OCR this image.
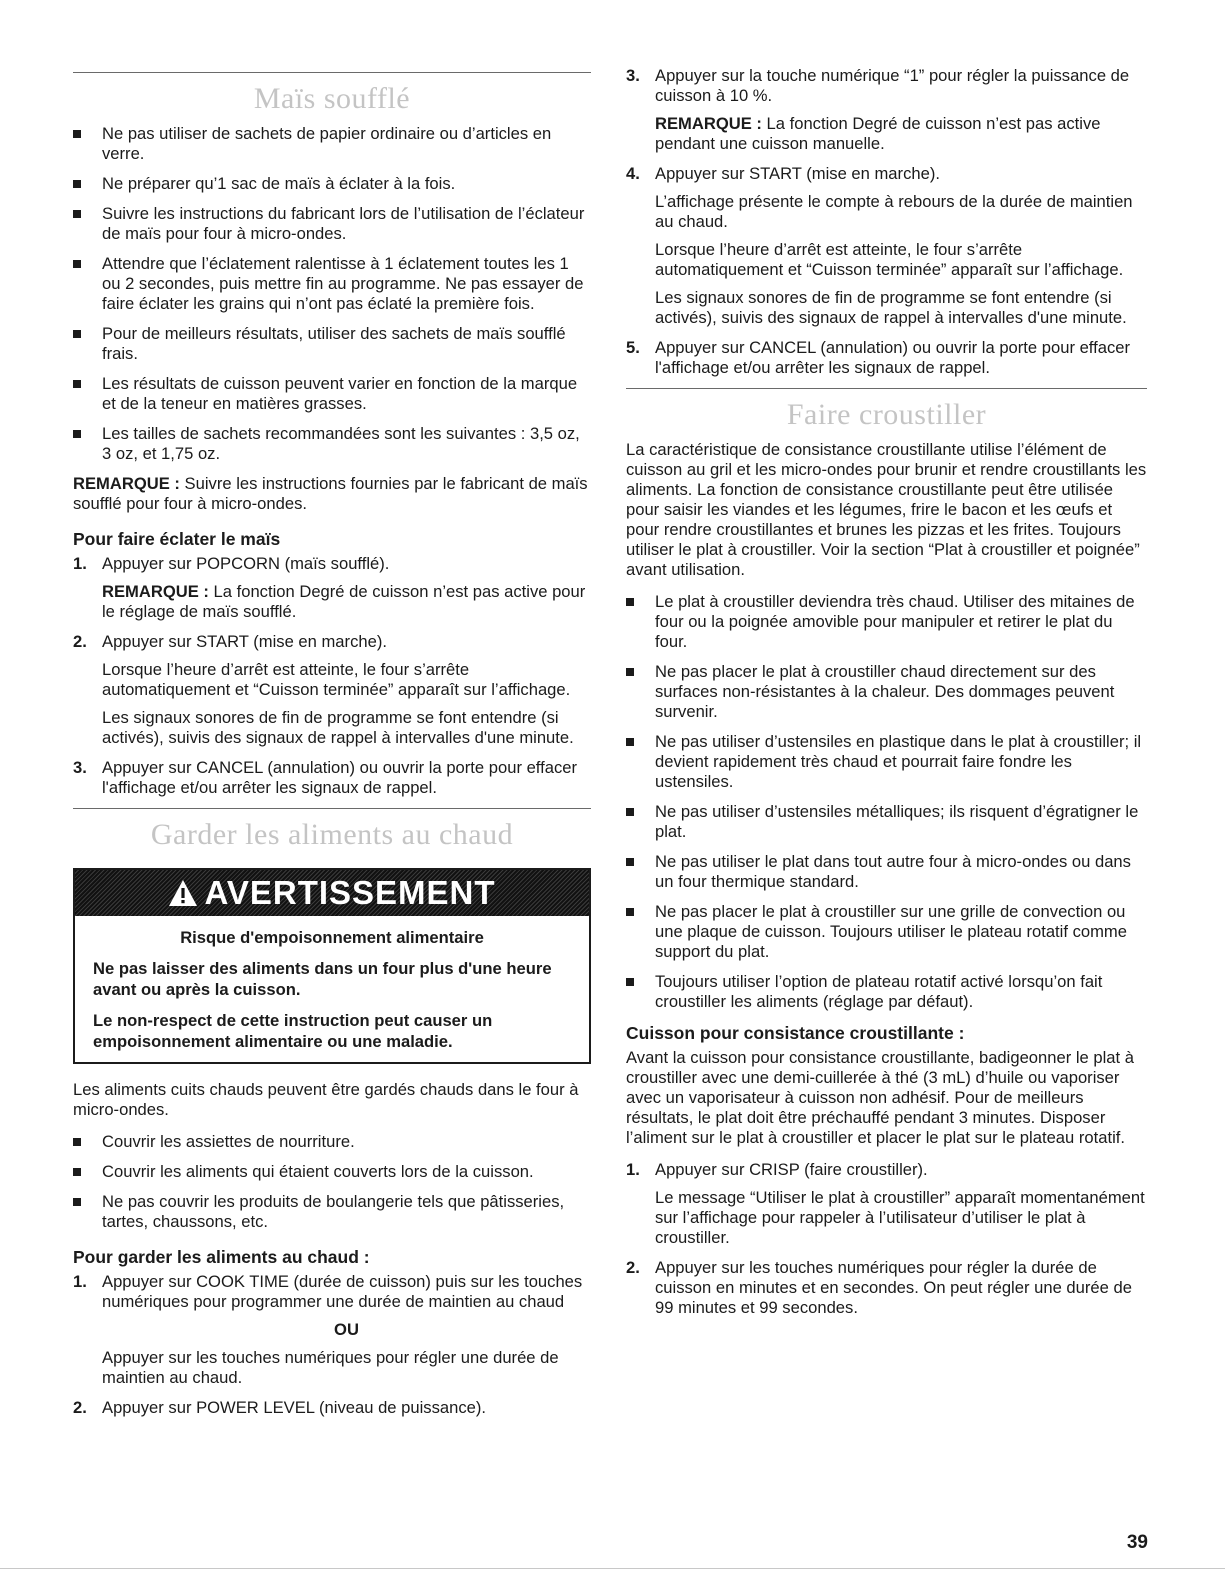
Maïs soufflé
Ne pas utiliser de sachets de papier ordinaire ou d’articles en verre.
Ne préparer qu’1 sac de maïs à éclater à la fois.
Suivre les instructions du fabricant lors de l’utilisation de l’éclateur de maïs pour four à micro-ondes.
Attendre que l’éclatement ralentisse à 1 éclatement toutes les 1 ou 2 secondes, puis mettre fin au programme. Ne pas essayer de faire éclater les grains qui n’ont pas éclaté la première fois.
Pour de meilleurs résultats, utiliser des sachets de maïs soufflé frais.
Les résultats de cuisson peuvent varier en fonction de la marque et de la teneur en matières grasses.
Les tailles de sachets recommandées sont les suivantes : 3,5 oz, 3 oz, et 1,75 oz.

REMARQUE : Suivre les instructions fournies par le fabricant de maïs soufflé pour four à micro-ondes.

Pour faire éclater le maïs
1. Appuyer sur POPCORN (maïs soufflé).

REMARQUE : La fonction Degré de cuisson n’est pas active pour le réglage de maïs soufflé.

2. Appuyer sur START (mise en marche).

Lorsque l’heure d’arrêt est atteinte, le four s’arrête automatiquement et “Cuisson terminée” apparaît sur l’affichage.

Les signaux sonores de fin de programme se font entendre (si activés), suivis des signaux de rappel à intervalles d'une minute.

3. Appuyer sur CANCEL (annulation) ou ouvrir la porte pour effacer l'affichage et/ou arrêter les signaux de rappel.

Garder les aliments au chaud
AVERTISSEMENT
Risque d'empoisonnement alimentaire
Ne pas laisser des aliments dans un four plus d'une heure avant ou après la cuisson.
Le non-respect de cette instruction peut causer un empoisonnement alimentaire ou une maladie.

Les aliments cuits chauds peuvent être gardés chauds dans le four à micro-ondes.

Couvrir les assiettes de nourriture.
Couvrir les aliments qui étaient couverts lors de la cuisson.
Ne pas couvrir les produits de boulangerie tels que pâtisseries, tartes, chaussons, etc.
Pour garder les aliments au chaud :
1. Appuyer sur COOK TIME (durée de cuisson) puis sur les touches numériques pour programmer une durée de maintien au chaud

OU

Appuyer sur les touches numériques pour régler une durée de maintien au chaud.

2. Appuyer sur POWER LEVEL (niveau de puissance).

3. Appuyer sur la touche numérique “1” pour régler la puissance de cuisson à 10 %.

REMARQUE : La fonction Degré de cuisson n’est pas active pendant une cuisson manuelle.

4. Appuyer sur START (mise en marche).

L’affichage présente le compte à rebours de la durée de maintien au chaud.

Lorsque l’heure d’arrêt est atteinte, le four s’arrête automatiquement et “Cuisson terminée” apparaît sur l’affichage.

Les signaux sonores de fin de programme se font entendre (si activés), suivis des signaux de rappel à intervalles d'une minute.

5. Appuyer sur CANCEL (annulation) ou ouvrir la porte pour effacer l'affichage et/ou arrêter les signaux de rappel.

Faire croustiller

La caractéristique de consistance croustillante utilise l’élément de cuisson au gril et les micro-ondes pour brunir et rendre croustillants les aliments. La fonction de consistance croustillante peut être utilisée pour saisir les viandes et les légumes, frire le bacon et les œufs et pour rendre croustillantes et brunes les pizzas et les frites. Toujours utiliser le plat à croustiller. Voir la section “Plat à croustiller et poignée” avant utilisation.

Le plat à croustiller deviendra très chaud. Utiliser des mitaines de four ou la poignée amovible pour manipuler et retirer le plat du four.
Ne pas placer le plat à croustiller chaud directement sur des surfaces non-résistantes à la chaleur. Des dommages peuvent survenir.
Ne pas utiliser d’ustensiles en plastique dans le plat à croustiller; il devient rapidement très chaud et pourrait faire fondre les ustensiles.
Ne pas utiliser d’ustensiles métalliques; ils risquent d’égratigner le plat.
Ne pas utiliser le plat dans tout autre four à micro-ondes ou dans un four thermique standard.
Ne pas placer le plat à croustiller sur une grille de convection ou une plaque de cuisson. Toujours utiliser le plateau rotatif comme support du plat.
Toujours utiliser l’option de plateau rotatif activé lorsqu’on fait croustiller les aliments (réglage par défaut).
Cuisson pour consistance croustillante :

Avant la cuisson pour consistance croustillante, badigeonner le plat à croustiller avec une demi-cuillerée à thé (3 mL) d’huile ou vaporiser avec un vaporisateur à cuisson non adhésif. Pour de meilleurs résultats, le plat doit être préchauffé pendant 3 minutes. Disposer l’aliment sur le plat à croustiller et placer le plat sur le plateau rotatif.

1. Appuyer sur CRISP (faire croustiller).

Le message “Utiliser le plat à croustiller” apparaît momentanément sur l’affichage pour rappeler à l’utilisateur d’utiliser le plat à croustiller.

2. Appuyer sur les touches numériques pour régler la durée de cuisson en minutes et en secondes. On peut régler une durée de 99 minutes et 99 secondes.

39
